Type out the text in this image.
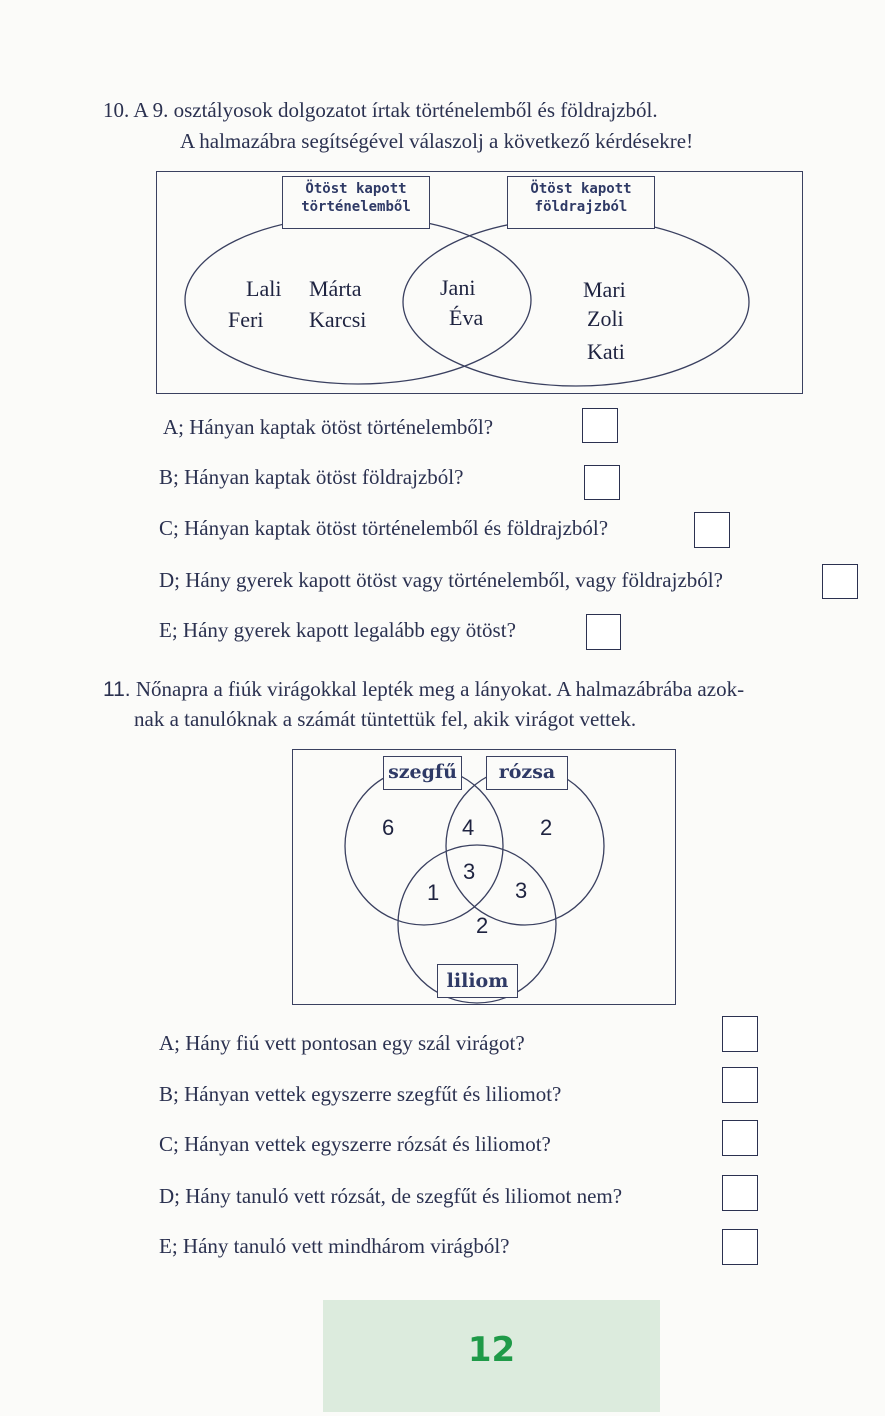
10. A 9. osztályosok dolgozatot írtak történelemből és földrajzból.
A halmazábra segítségével válaszolj a következő kérdésekre!
Ötöst kapott
történelemből
Ötöst kapott
földrajzból
Lali Márta
Feri Karcsi
Jani
Éva
Mari
Zoli
Kati
A; Hányan kaptak ötöst történelemből?
B; Hányan kaptak ötöst földrajzból?
C; Hányan kaptak ötöst történelemből és földrajzból?
D; Hány gyerek kapott ötöst vagy történelemből, vagy földrajzból?
E; Hány gyerek kapott legalább egy ötöst?
11. Nőnapra a fiúk virágokkal lepték meg a lányokat. A halmazábrába azok-
nak a tanulóknak a számát tüntettük fel, akik virágot vettek.
szegfű	rózsa
liliom
6	4	2
3
1	3
2
A; Hány fiú vett pontosan egy szál virágot?
B; Hányan vettek egyszerre szegfűt és liliomot?
C; Hányan vettek egyszerre rózsát és liliomot?
D; Hány tanuló vett rózsát, de szegfűt és liliomot nem?
E; Hány tanuló vett mindhárom virágból?
12
